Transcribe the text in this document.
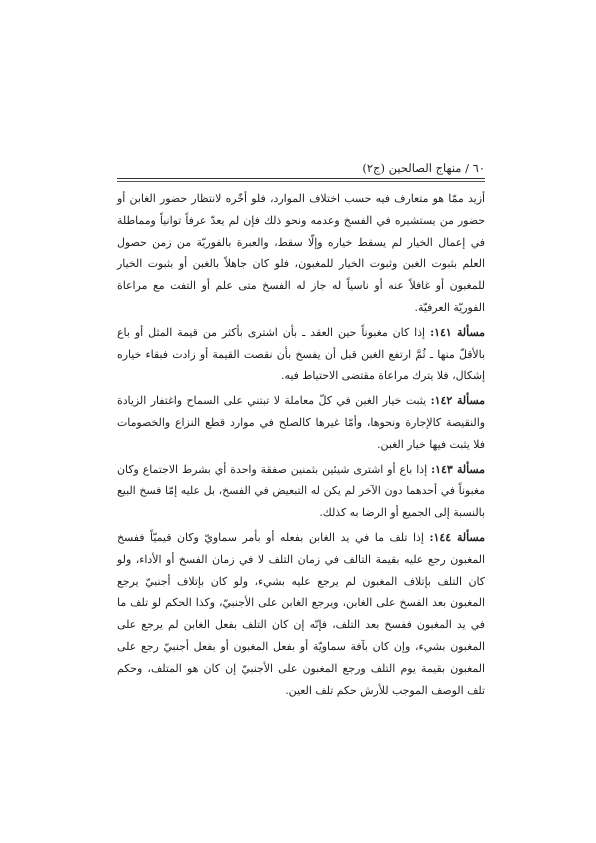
٦٠ / منهاج الصالحين (ج٢)

أزيد ممّا هو متعارف فيه حسب اختلاف الموارد، فلو أخّره لانتظار حضور الغابن أو حضور من يستشيره في الفسخ وعدمه ونحو ذلك فإن لم يعدّ عرفاً توانياً ومماطلة في إعمال الخيار لم يسقط خياره وإلّا سقط، والعبرة بالفوريّة من زمن حصول العلم بثبوت الغبن وثبوت الخيار للمغبون، فلو كان جاهلاً بالغبن أو بثبوت الخيار للمغبون أو غافلاً عنه أو ناسياً له جاز له الفسخ متى علم أو التفت مع مراعاة الفوريّة العرفيّة.

مسألة ١٤١: إذا كان مغبوناً حين العقد ـ بأن اشترى بأكثر من قيمة المثل أو باع بالأقلّ منها ـ ثُمَّ ارتفع الغبن قبل أن يفسخ بأن نقصت القيمة أو زادت فبقاء خياره إشكال، فلا يترك مراعاة مقتضى الاحتياط فيه.

مسألة ١٤٢: يثبت خيار الغبن في كلّ معاملة لا تبتني على السماح واغتفار الزيادة والنقيصة كالإجارة ونحوها، وأمّا غيرها كالصلح في موارد قطع النزاع والخصومات فلا يثبت فيها خيار الغبن.

مسألة ١٤٣: إذا باع أو اشترى شيئين بثمنين صفقة واحدة أي بشرط الاجتماع وكان مغبوناً في أحدهما دون الآخر لم يكن له التبعيض في الفسخ، بل عليه إمّا فسخ البيع بالنسبة إلى الجميع أو الرضا به كذلك.

مسألة ١٤٤: إذا تلف ما في يد الغابن بفعله أو بأمر سماويّ وكان قيميّاً ففسخ المغبون رجع عليه بقيمة التالف في زمان التلف لا في زمان الفسخ أو الأداء، ولو كان التلف بإتلاف المغبون لم يرجع عليه بشيء، ولو كان بإتلاف أجنبيّ يرجع المغبون بعد الفسخ على الغابن، ويرجع الغابن على الأجنبيّ، وكذا الحكم لو تلف ما في يد المغبون ففسخ بعد التلف، فإنّه إن كان التلف بفعل الغابن لم يرجع على المغبون بشيء، وإن كان بآفة سماويّة أو بفعل المغبون أو بفعل أجنبيّ رجع على المغبون بقيمة يوم التلف ورجع المغبون على الأجنبيّ إن كان هو المتلف، وحكم تلف الوصف الموجب للأرش حكم تلف العين.
